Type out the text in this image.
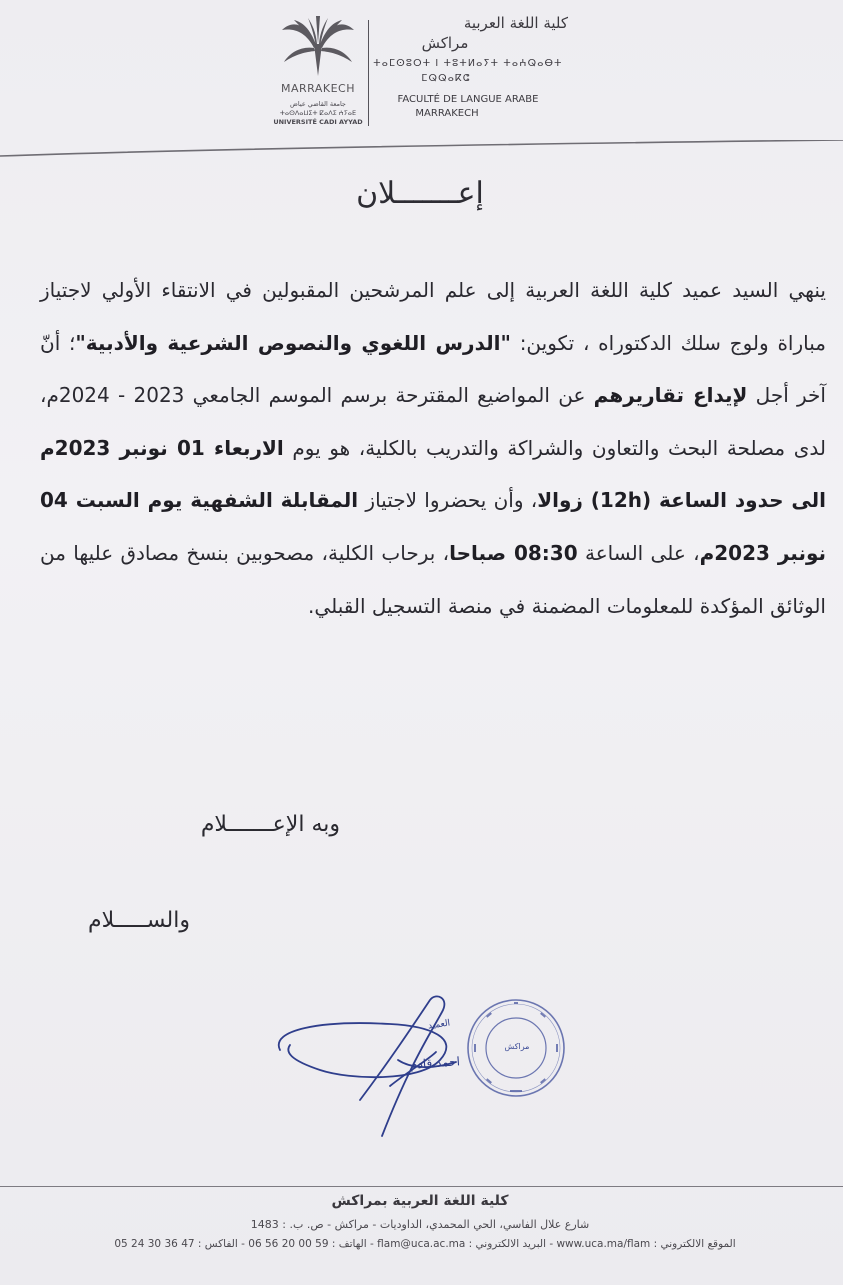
MARRAKECH
جامعة القاضي عياض
ⵜⴰⵙⴷⴰⵡⵉⵜ ⵇⴰⴷⵉ ⵄⵢⴰⴹ
UNIVERSITÉ CADI AYYAD
كلية اللغة العربية
مراكش
ⵜⴰⵎⵙⵓⵔⵜ ⵏ ⵜⵓⵜⵍⴰⵢⵜ ⵜⴰⵄⵕⴰⴱⵜ
ⵎⵕⵕⴰⴽⵛ
FACULTÉ DE LANGUE ARABE
MARRAKECH
إعـــــــلان
ينهي السيد عميد كلية اللغة العربية إلى علم المرشحين المقبولين في الانتقاء الأولي لاجتياز مباراة ولوج سلك الدكتوراه ، تكوين: "الدرس اللغوي والنصوص الشرعية والأدبية"؛ أنّ آخر أجل لإيداع تقاريرهم عن المواضيع المقترحة برسم الموسم الجامعي 2023 - 2024م، لدى مصلحة البحث والتعاون والشراكة والتدريب بالكلية، هو يوم الاربعاء 01 نونبر 2023م الى حدود الساعة (12h) زوالا، وأن يحضروا لاجتياز المقابلة الشفهية يوم السبت 04 نونبر 2023م، على الساعة 08:30 صباحا، برحاب الكلية، مصحوبين بنسخ مصادق عليها من الوثائق المؤكدة للمعلومات المضمنة في منصة التسجيل القبلي.
وبه الإعـــــــلام
والســـــلام
العميد
احمد قادم
مراكش
كلية اللغة العربية بمراكش
شارع علال الفاسي، الحي المحمدي، الداوديات - مراكش - ص. ب. : 1483
الموقع الالكتروني : www.uca.ma/flam - البريد الالكتروني : flam@uca.ac.ma - الهاتف : 59 00 20 56 06 - الفاكس : 47 36 30 24 05
